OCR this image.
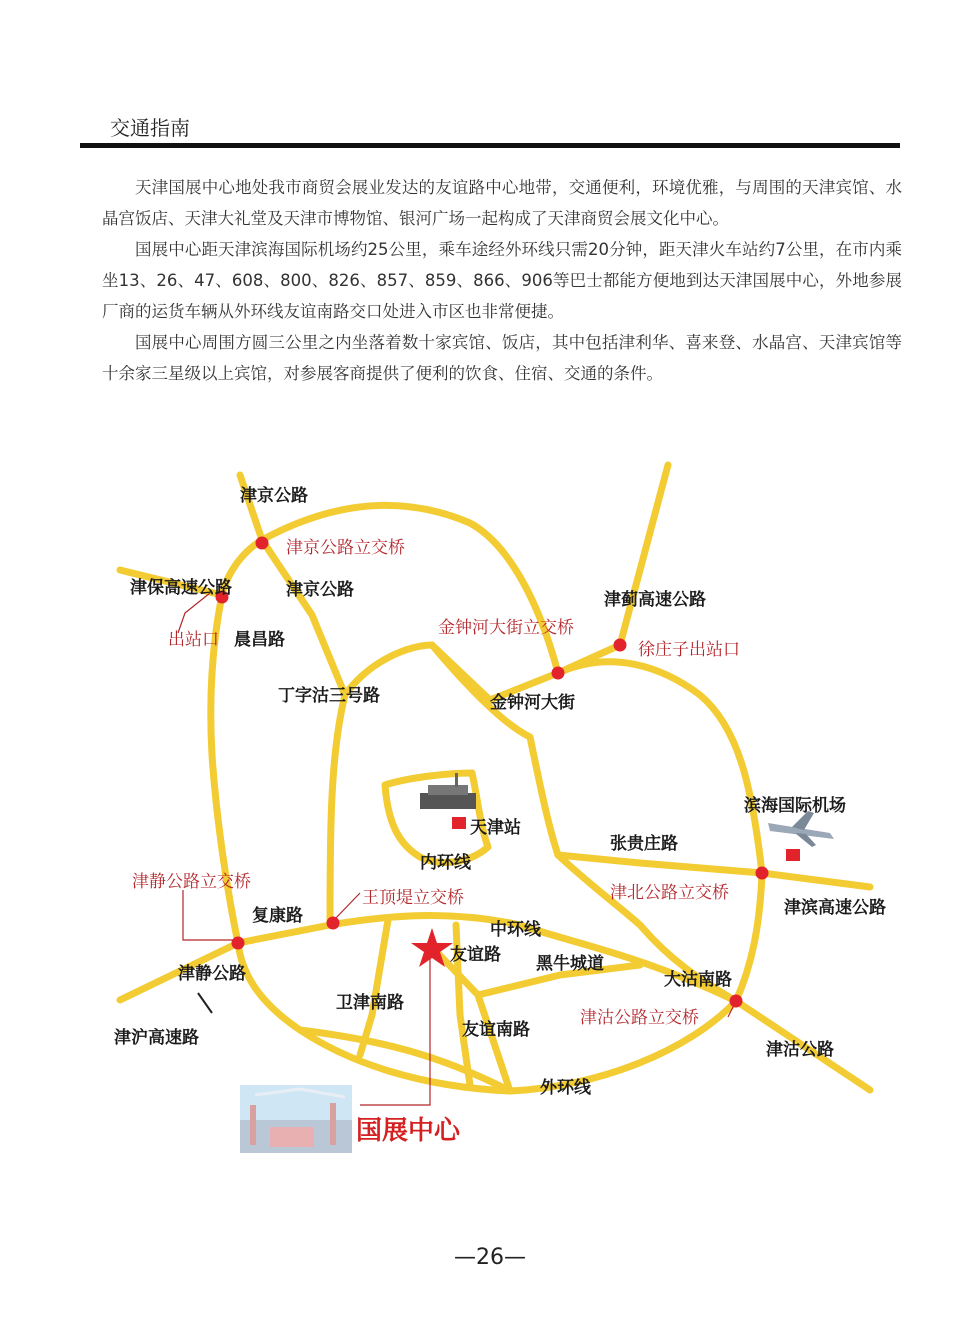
交通指南

天津国展中心地处我市商贸会展业发达的友谊路中心地带，交通便利，环境优雅，与周围的天津宾馆、水晶宫饭店、天津大礼堂及天津市博物馆、银河广场一起构成了天津商贸会展文化中心。

国展中心距天津滨海国际机场约25公里，乘车途经外环线只需20分钟，距天津火车站约7公里，在市内乘坐13、26、47、608、800、826、857、859、866、906等巴士都能方便地到达天津国展中心，外地参展厂商的运货车辆从外环线友谊南路交口处进入市区也非常便捷。

国展中心周围方圆三公里之内坐落着数十家宾馆、饭店，其中包括津利华、喜来登、水晶宫、天津宾馆等十余家三星级以上宾馆，对参展客商提供了便利的饮食、住宿、交通的条件。

津京公路
津京公路
津保高速公路
晨昌路
丁字沽三号路
津蓟高速公路
金钟河大街
张贵庄路
内环线
复康路
中环线
友谊路 黑牛城道
大沽南路
津滨高速公路
津静公路
卫津南路
友谊南路
津沽公路
津沪高速路
外环线
津京公路立交桥
出站口
金钟河大街立交桥
徐庄子出站口
津静公路立交桥
王顶堤立交桥	津北公路立交桥
津沽公路立交桥
天津站
滨海国际机场
国展中心
—26—
